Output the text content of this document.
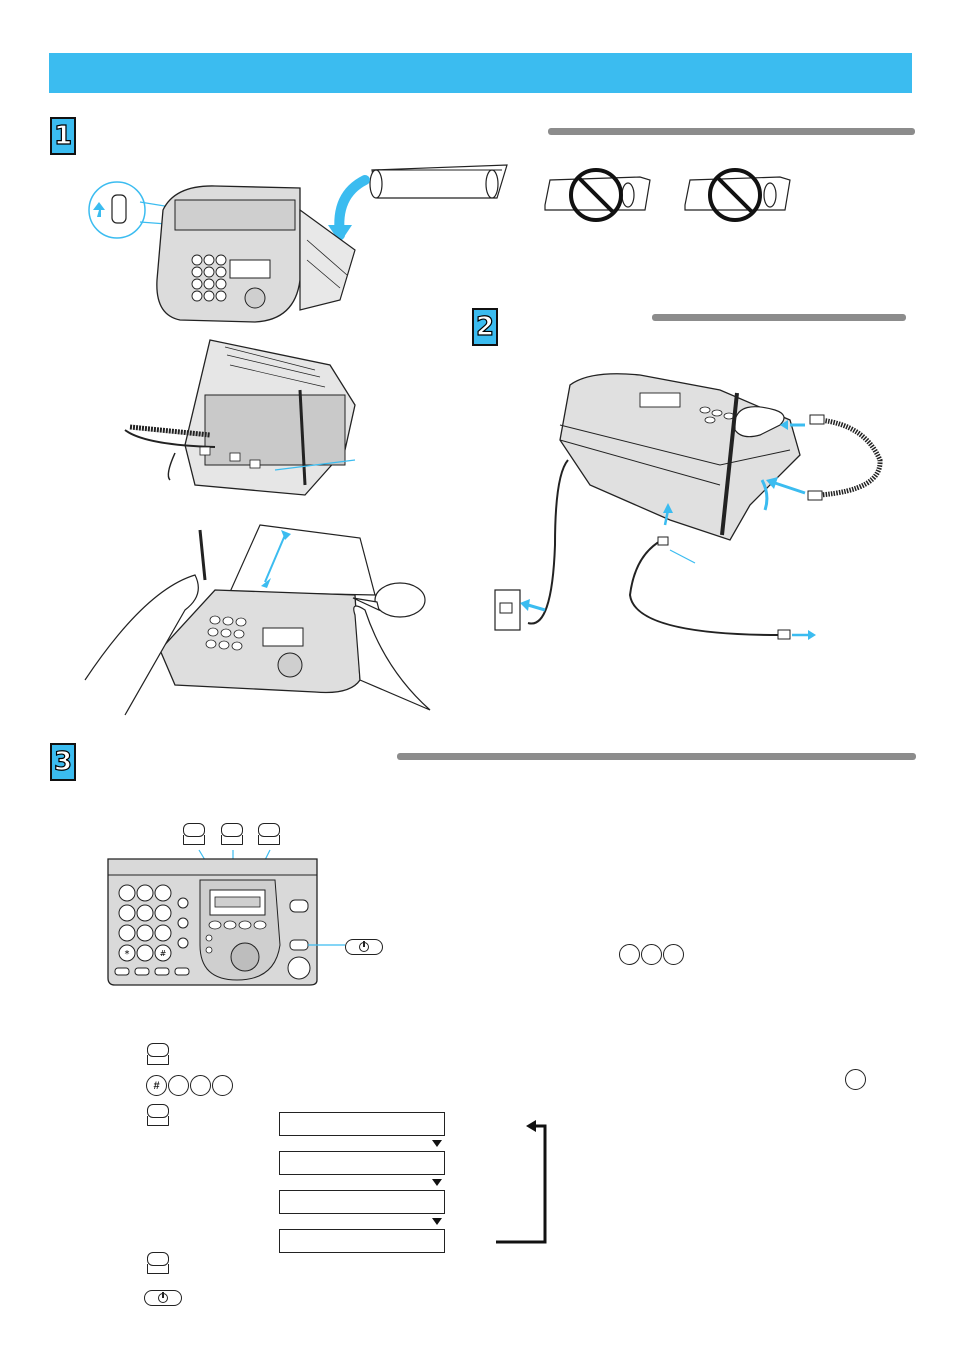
1
2
3
*	#
#
